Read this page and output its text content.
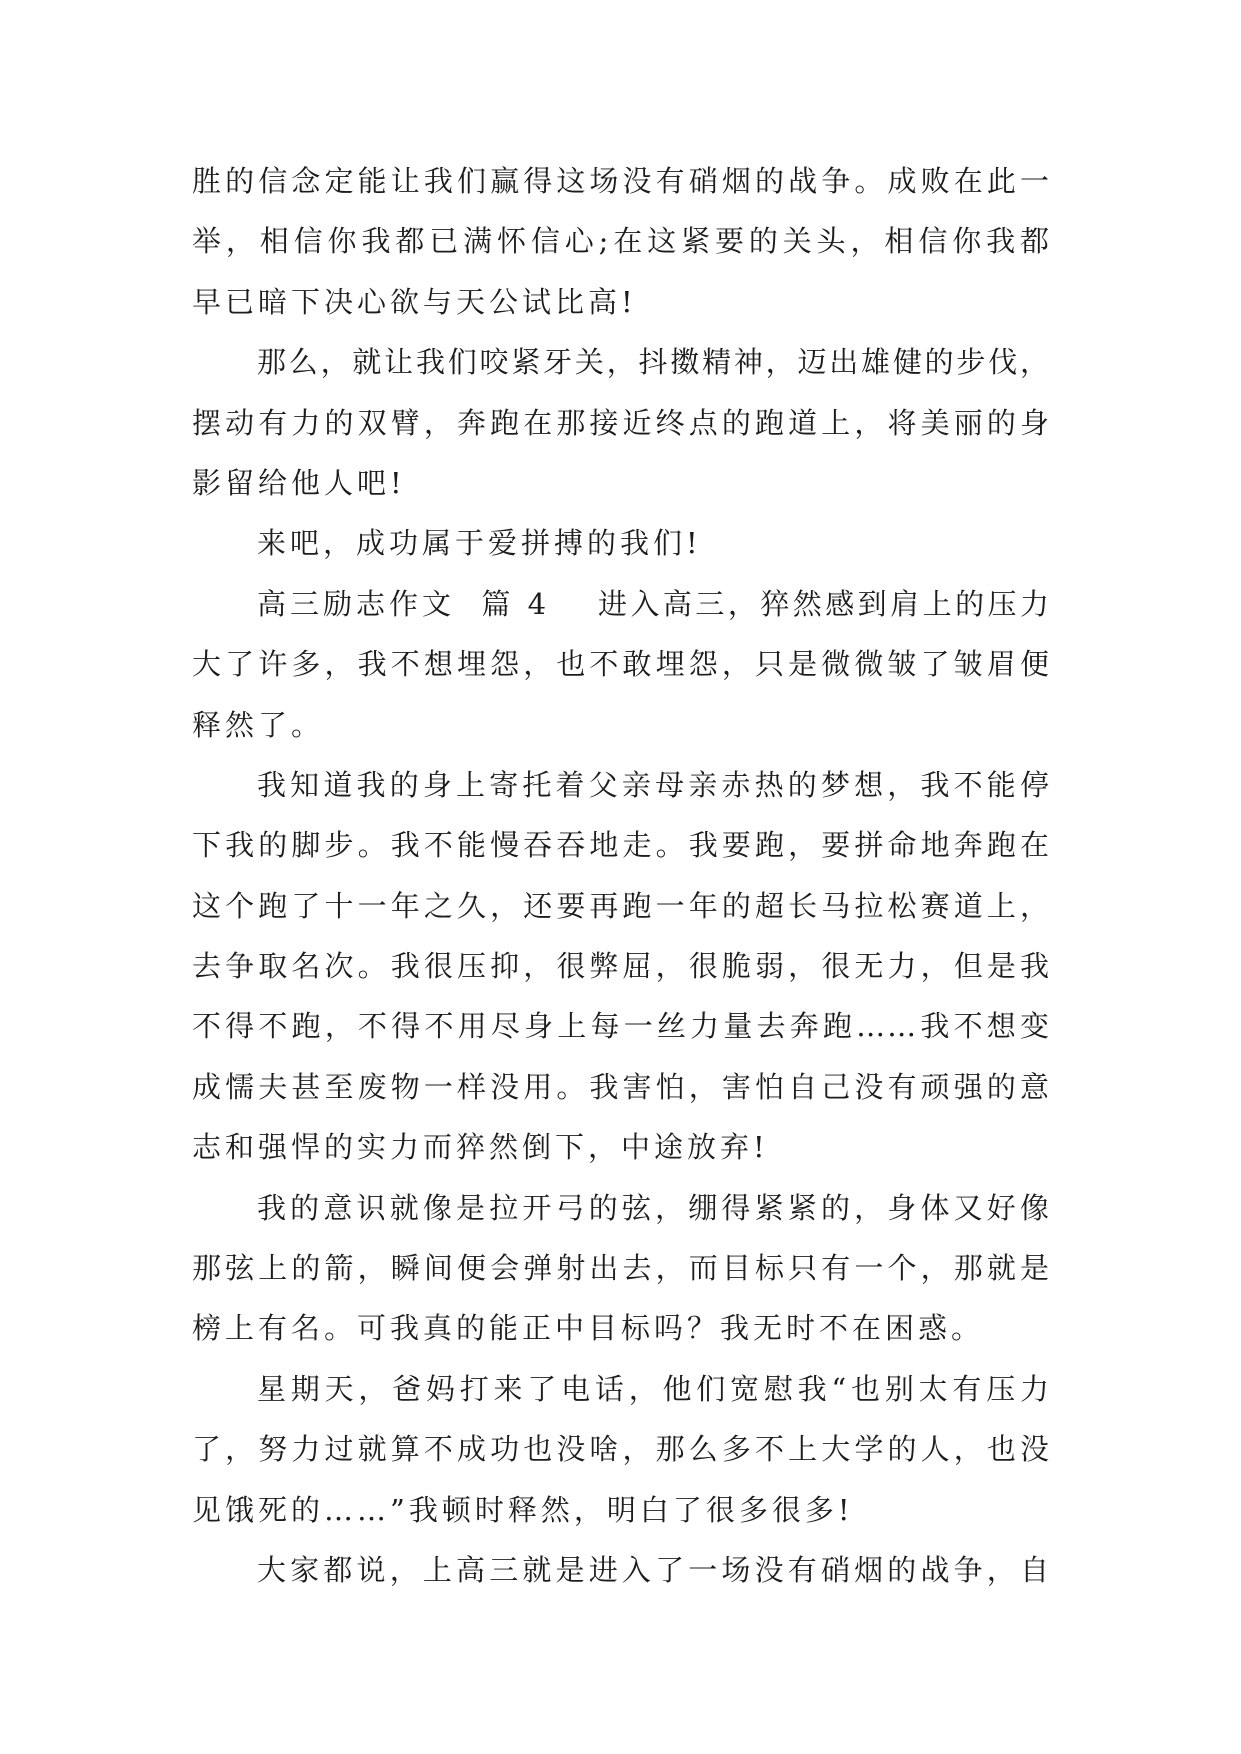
胜的信念定能让我们赢得这场没有硝烟的战争。成败在此一
举，相信你我都已满怀信心;在这紧要的关头，相信你我都
早已暗下决心欲与天公试比高!
那么，就让我们咬紧牙关，抖擞精神，迈出雄健的步伐，
摆动有力的双臂，奔跑在那接近终点的跑道上，将美丽的身
影留给他人吧!
来吧，成功属于爱拼搏的我们!
高三励志作文  篇 4 进入高三，猝然感到肩上的压力
大了许多，我不想埋怨，也不敢埋怨，只是微微皱了皱眉便
释然了。
我知道我的身上寄托着父亲母亲赤热的梦想，我不能停
下我的脚步。我不能慢吞吞地走。我要跑，要拼命地奔跑在
这个跑了十一年之久，还要再跑一年的超长马拉松赛道上，
去争取名次。我很压抑，很弊屈，很脆弱，很无力，但是我
不得不跑，不得不用尽身上每一丝力量去奔跑……我不想变
成懦夫甚至废物一样没用。我害怕，害怕自己没有顽强的意
志和强悍的实力而猝然倒下，中途放弃!
我的意识就像是拉开弓的弦，绷得紧紧的，身体又好像
那弦上的箭，瞬间便会弹射出去，而目标只有一个，那就是
榜上有名。可我真的能正中目标吗？我无时不在困惑。
星期天，爸妈打来了电话，他们宽慰我“也别太有压力
了，努力过就算不成功也没啥，那么多不上大学的人，也没
见饿死的……”我顿时释然，明白了很多很多!
大家都说，上高三就是进入了一场没有硝烟的战争，自
